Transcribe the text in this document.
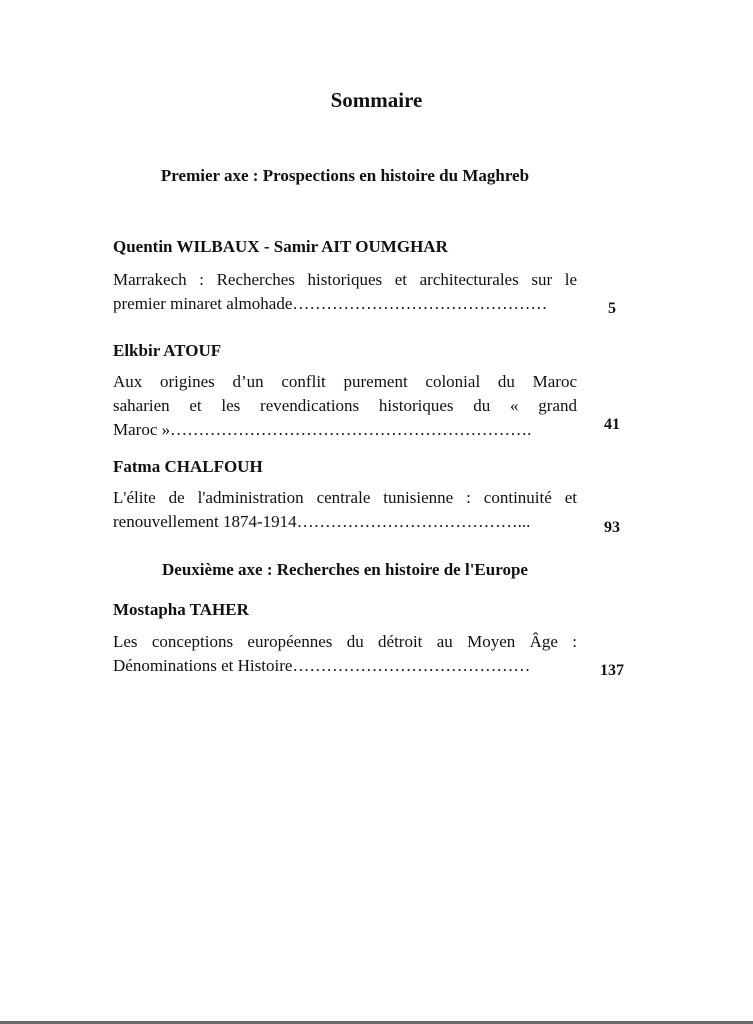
Sommaire
Premier axe : Prospections en histoire du Maghreb
Quentin WILBAUX - Samir AIT OUMGHAR
Marrakech : Recherches historiques et architecturales sur le
premier minaret almohade………………………………………	5
Elkbir ATOUF
Aux origines d’un conflit purement colonial du Maroc
saharien et les revendications historiques du « grand
Maroc »……………………………………………………….	41
Fatma CHALFOUH
L'élite de l'administration centrale tunisienne : continuité et
renouvellement 1874-1914…………………………………...	93
Deuxième axe : Recherches en histoire de l'Europe
Mostapha TAHER
Les conceptions européennes du détroit au Moyen Âge :
Dénominations et Histoire……………………………………	137
